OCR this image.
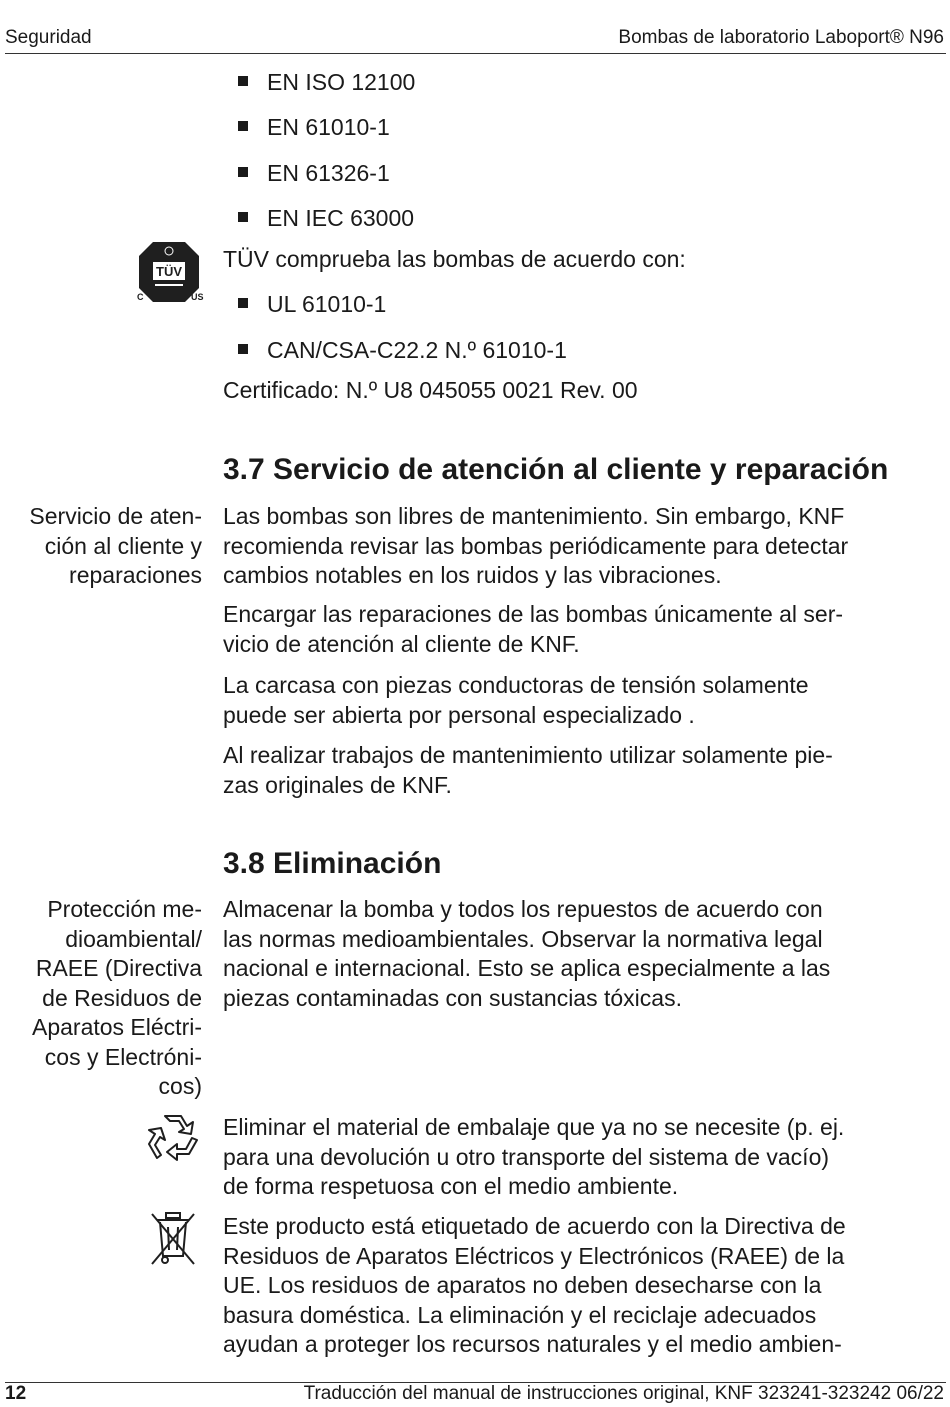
Seguridad	Bombas de laboratorio Laboport® N96
EN ISO 12100
EN 61010-1
EN 61326-1
EN IEC 63000
TÜV
C	US
TÜV comprueba las bombas de acuerdo con:
UL 61010-1
CAN/CSA-C22.2 N.º 61010-1
Certificado: N.º U8 045055 0021 Rev. 00
3.7 Servicio de atención al cliente y reparación
Servicio de aten-
ción al cliente y
reparaciones

Las bombas son libres de mantenimiento. Sin embargo, KNF
recomienda revisar las bombas periódicamente para detectar
cambios notables en los ruidos y las vibraciones.

Encargar las reparaciones de las bombas únicamente al ser-
vicio de atención al cliente de KNF.

La carcasa con piezas conductoras de tensión solamente
puede ser abierta por personal especializado .

Al realizar trabajos de mantenimiento utilizar solamente pie-
zas originales de KNF.

3.8 Eliminación
Protección me-
dioambiental/
RAEE (Directiva
de Residuos de
Aparatos Eléctri-
cos y Electróni-
cos)

Almacenar la bomba y todos los repuestos de acuerdo con
las normas medioambientales. Observar la normativa legal
nacional e internacional. Esto se aplica especialmente a las
piezas contaminadas con sustancias tóxicas.

Eliminar el material de embalaje que ya no se necesite (p. ej.
para una devolución u otro transporte del sistema de vacío)
de forma respetuosa con el medio ambiente.

Este producto está etiquetado de acuerdo con la Directiva de
Residuos de Aparatos Eléctricos y Electrónicos (RAEE) de la
UE. Los residuos de aparatos no deben desecharse con la
basura doméstica. La eliminación y el reciclaje adecuados
ayudan a proteger los recursos naturales y el medio ambien-

12	Traducción del manual de instrucciones original, KNF 323241-323242 06/22
